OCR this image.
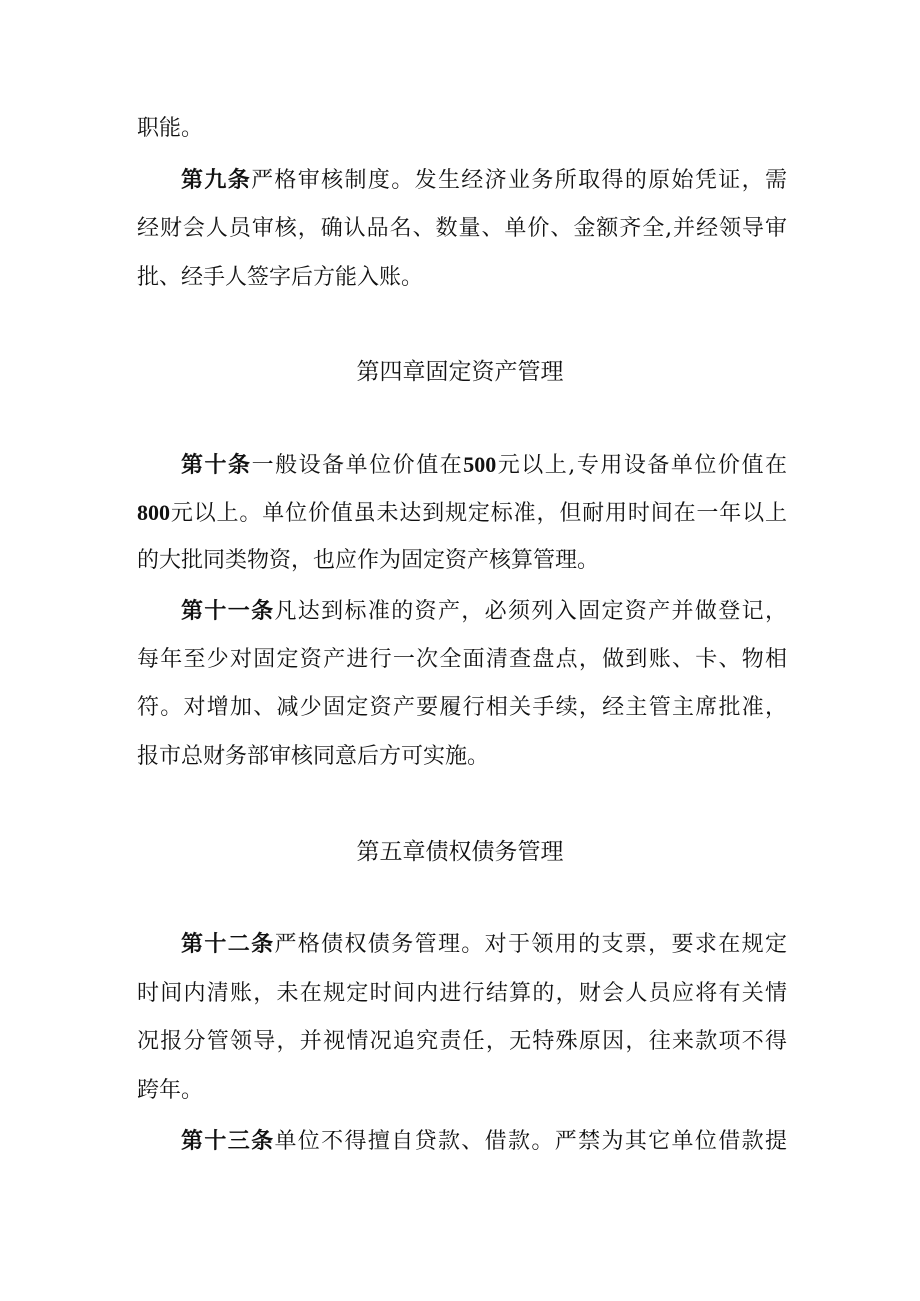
职能。
第九条严格审核制度。发生经济业务所取得的原始凭证，需
经财会人员审核，确认品名、数量、单价、金额齐全,并经领导审
批、经手人签字后方能入账。
第四章固定资产管理
第十条一般设备单位价值在500元以上,专用设备单位价值在
800元以上。单位价值虽未达到规定标准，但耐用时间在一年以上
的大批同类物资，也应作为固定资产核算管理。
第十一条凡达到标准的资产，必须列入固定资产并做登记，
每年至少对固定资产进行一次全面清查盘点，做到账、卡、物相
符。对增加、减少固定资产要履行相关手续，经主管主席批准，
报市总财务部审核同意后方可实施。
第五章债权债务管理
第十二条严格债权债务管理。对于领用的支票，要求在规定
时间内清账，未在规定时间内进行结算的，财会人员应将有关情
况报分管领导，并视情况追究责任，无特殊原因，往来款项不得
跨年。
第十三条单位不得擅自贷款、借款。严禁为其它单位借款提
